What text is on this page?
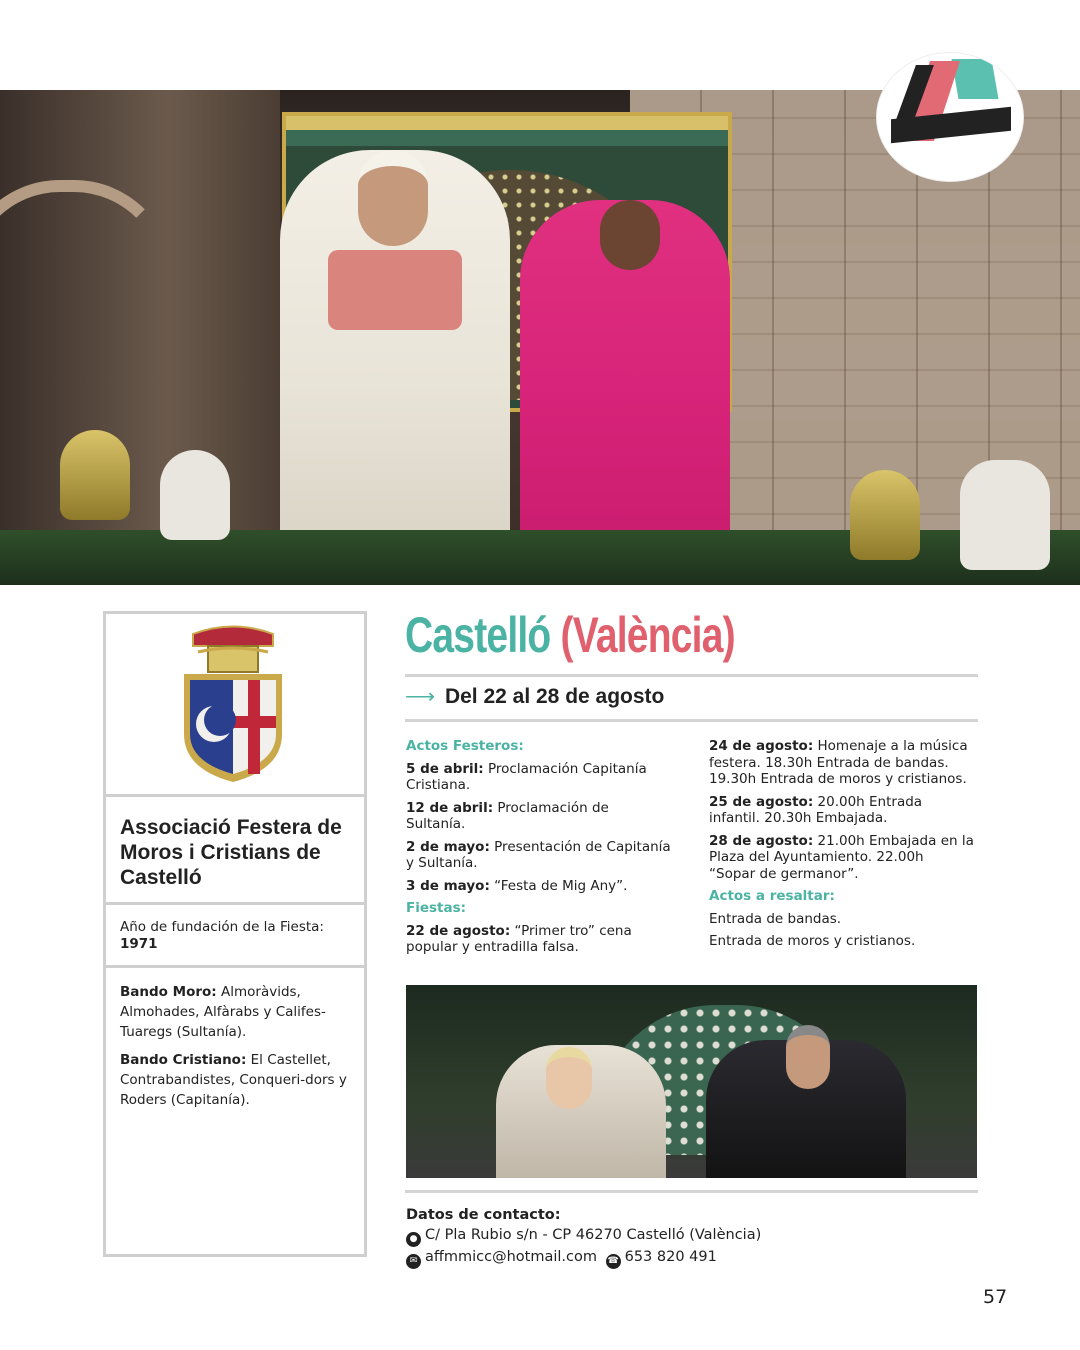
Associació Festera de Moros i Cristians de Castelló
Año de fundación de la Fiesta: 1971

Bando Moro: Almoràvids, Almohades, Alfàrabs y Califes-Tuaregs (Sultanía).

Bando Cristiano: El Castellet, Contrabandistes, Conqueri-dors y Roders (Capitanía).

Castelló (València)
⟶ Del 22 al 28 de agosto
Actos Festeros:
5 de abril: Proclamación Capitanía Cristiana.
12 de abril: Proclamación de Sultanía.
2 de mayo: Presentación de Capitanía y Sultanía.
3 de mayo: “Festa de Mig Any”.
Fiestas:
22 de agosto: “Primer tro” cena popular y entradilla falsa.
24 de agosto: Homenaje a la música festera. 18.30h Entrada de bandas. 19.30h Entrada de moros y cristianos.
25 de agosto: 20.00h Entrada infantil. 20.30h Embajada.
28 de agosto: 21.00h Embajada en la Plaza del Ayuntamiento. 22.00h “Sopar de germanor”.
Actos a resaltar:
Entrada de bandas.
Entrada de moros y cristianos.
Datos de contacto:
● C/ Pla Rubio s/n - CP 46270 Castelló (València)
✉ affmmicc@hotmail.com ☎ 653 820 491
57
